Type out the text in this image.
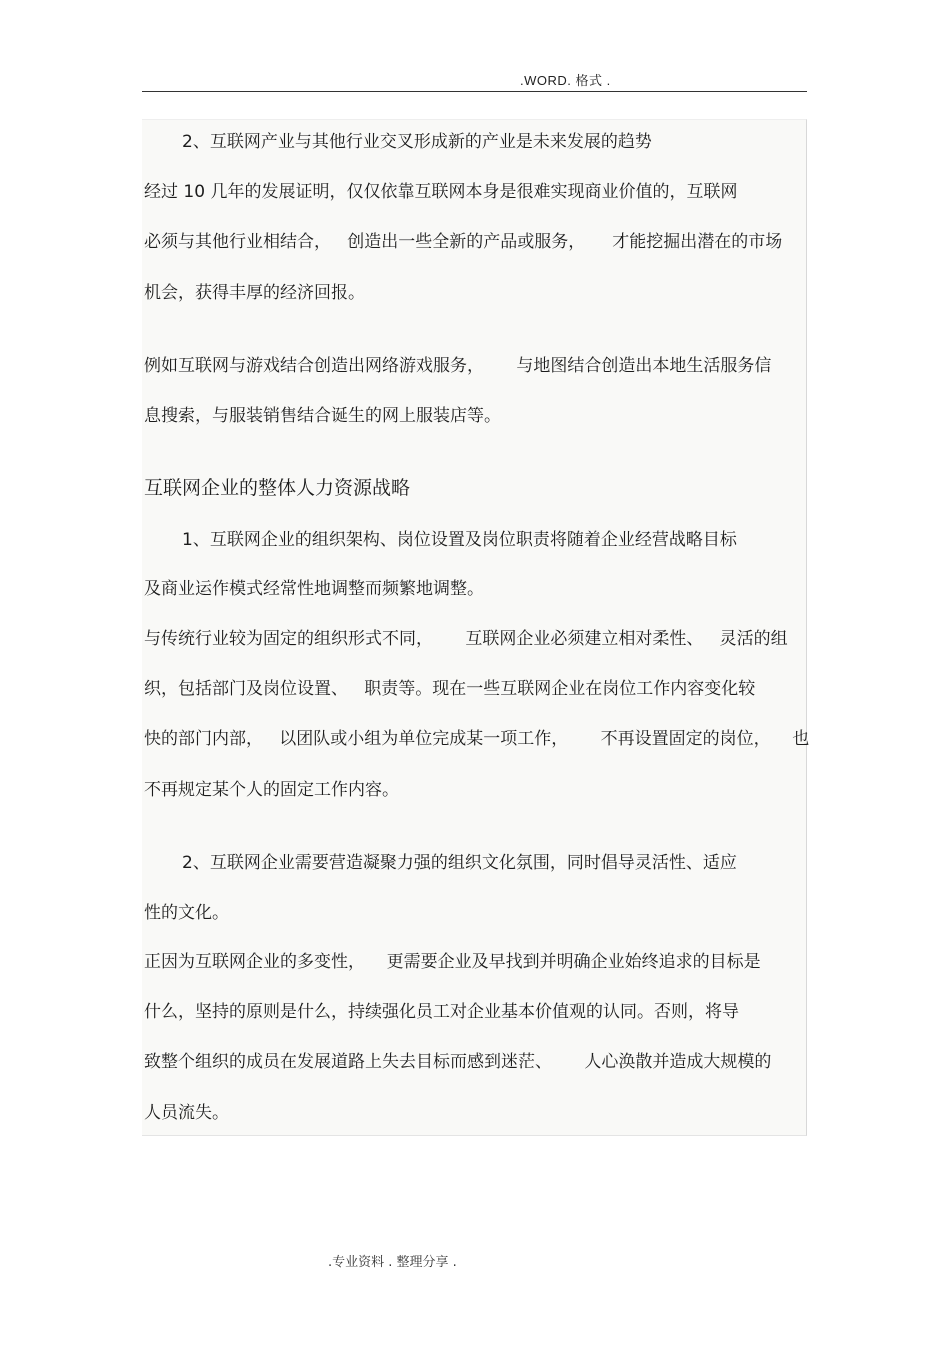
.WORD. 格式 .
2、互联网产业与其他行业交叉形成新的产业是未来发展的趋势
经过 10 几年的发展证明，仅仅依靠互联网本身是很难实现商业价值的，互联网
必须与其他行业相结合，   创造出一些全新的产品或服务，     才能挖掘出潜在的市场
机会，获得丰厚的经济回报。
例如互联网与游戏结合创造出网络游戏服务，      与地图结合创造出本地生活服务信
息搜索，与服装销售结合诞生的网上服装店等。
互联网企业的整体人力资源战略
1、互联网企业的组织架构、岗位设置及岗位职责将随着企业经营战略目标
及商业运作模式经常性地调整而频繁地调整。
与传统行业较为固定的组织形式不同，      互联网企业必须建立相对柔性、   灵活的组
织，包括部门及岗位设置、   职责等。现在一些互联网企业在岗位工作内容变化较
快的部门内部，   以团队或小组为单位完成某一项工作，      不再设置固定的岗位，    也
不再规定某个人的固定工作内容。
2、互联网企业需要营造凝聚力强的组织文化氛围，同时倡导灵活性、适应
性的文化。
正因为互联网企业的多变性，    更需要企业及早找到并明确企业始终追求的目标是
什么，坚持的原则是什么，持续强化员工对企业基本价值观的认同。否则，将导
致整个组织的成员在发展道路上失去目标而感到迷茫、      人心涣散并造成大规模的
人员流失。
.专业资料 . 整理分享 .
